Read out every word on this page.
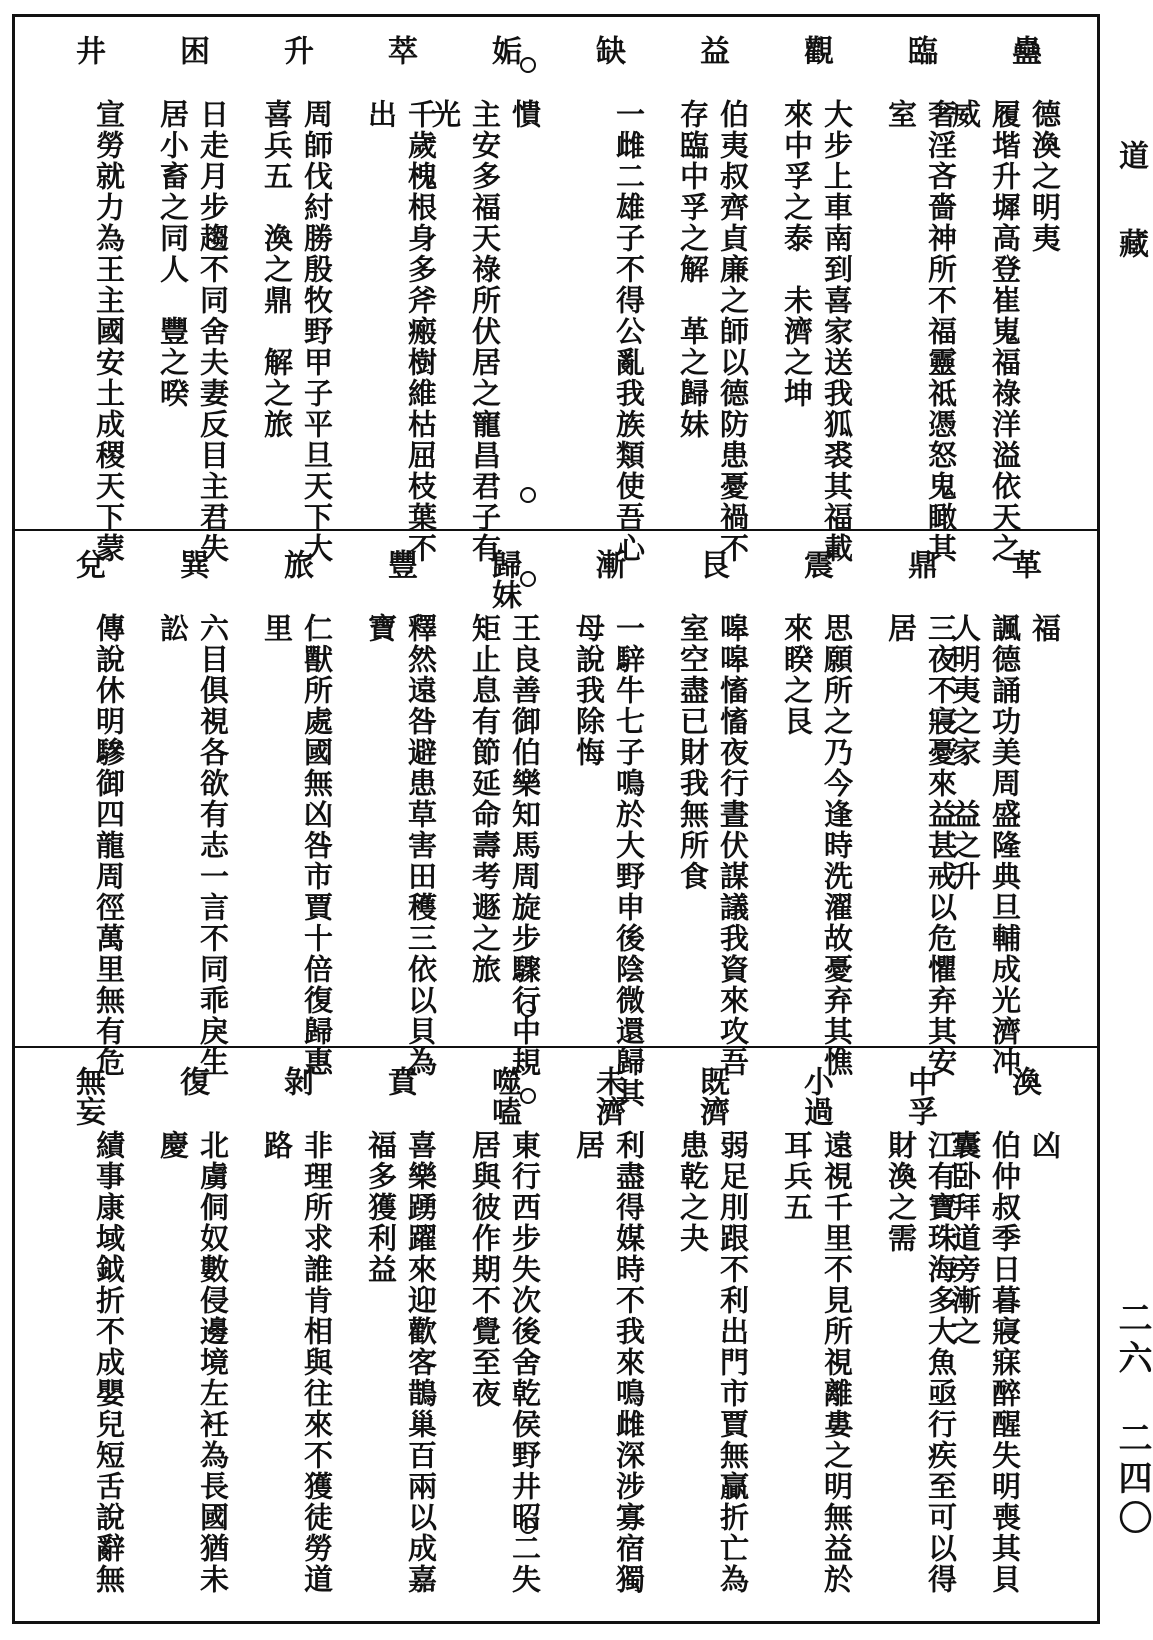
蠱
德渙之明夷
履堦升墀高登崔嵬福祿洋溢依天之
威
臨
奢淫吝嗇神所不福靈祗憑怒鬼瞰其
室
觀
大步上車南到喜家送我狐裘其福載
來中孚之泰　未濟之坤
益
伯夷叔齊貞廉之師以德防患憂禍不
存臨中孚之解　革之歸妹
缺
一雌二雄子不得公亂我族類使吾心
姤
憒
主安多福天祿所伏居之寵昌君子有
光
萃
千歲槐根身多斧瘢樹維枯屈枝葉不
出
升
周師伐紂勝殷牧野甲子平旦天下大
喜兵五　渙之鼎　解之旅
困
日走月步趨不同舍夫妻反目主君失
居小畜之同人　豐之暌
井
宣勞就力為王主國安土成稷天下蒙	革
福
諷德誦功美周盛隆典旦輔成光濟冲
人明夷之家　益之升
鼎
三夜不寢憂來益甚戒以危懼弃其安
居
震
思願所之乃今逢時洗濯故憂弃其憔
來睽之艮
艮
嗥嗥慉慉夜行晝伏謀議我資來攻吾
室空盡已財我無所食
漸
一騂牛七子鳴於大野申後陰微還歸其
母說我除悔
歸妹
王良善御伯樂知馬周旋步驟行中規
矩止息有節延命壽考遯之旅
豐
釋然遠咎避患草害田穫三依以貝為
寶
旅
仁獸所處國無凶咎市賈十倍復歸惠
里
巽
六目俱視各欲有志一言不同乖戾生
訟
兌
傳說休明驂御四龍周徑萬里無有危
渙
凶
伯仲叔季日暮寢寐醉醒失明喪其貝
囊卧拜道旁漸之
中孚
江有寶珠海多大魚亟行疾至可以得
財渙之需
小過
遠視千里不見所視離婁之明無益於
耳兵五
既濟
弱足刖跟不利出門市賈無贏折亡為
患乾之夬
未濟
利盡得媒時不我來鳴雌深涉寡宿獨
居
噬嗑
東行西步失次後舍乾侯野井昭二失
居與彼作期不覺至夜
賁
喜樂踴躍來迎歡客鵲巢百兩以成嘉
福多獲利益
剝
非理所求誰肯相與往來不獲徒勞道
路
復
北虜侗奴數侵邊境左衽為長國猶未
慶
無妄
績事康域鉞折不成嬰兒短舌說辭無
道　藏
二六　二四〇
